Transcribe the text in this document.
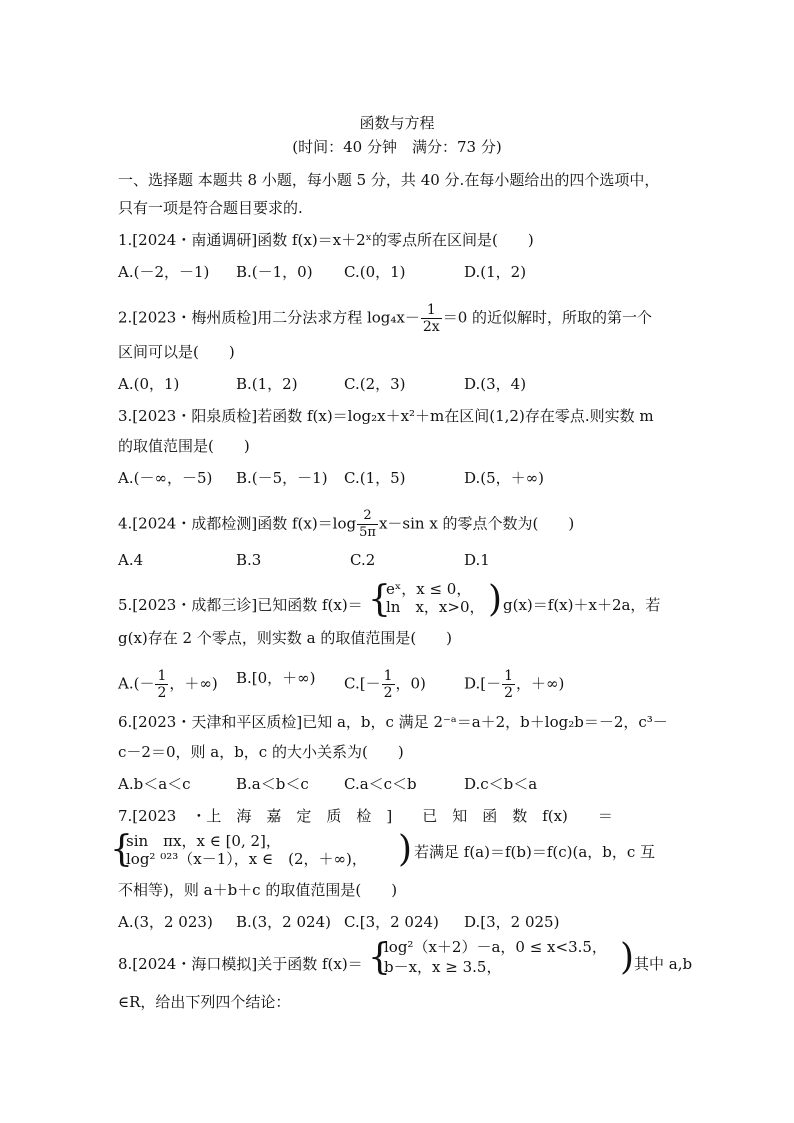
函数与方程
(时间：40 分钟　满分：73 分)
一、选择题 本题共 8 小题，每小题 5 分，共 40 分.在每小题给出的四个选项中，
只有一项是符合题目要求的.
1.[2024・南通调研]函数 f(x)＝x＋2ˣ的零点所在区间是(　　)
A.(－2，－1) B.(－1，0) C.(0，1)	D.(1，2)
2.[2023・梅州质检]用二分法求方程 $\log_4x- \frac{1}{2x} =0$ 的近似解时，所取的第一个
区间可以是(　　)
A.(0，1)	B.(1，2)	C.(2，3)	D.(3，4)
3.[2023・阳泉质检]若函数 f(x)＝log₂x＋x²＋m在区间(1,2)存在零点.则实数 m
的取值范围是(　　)
A.(－∞，－5) B.(－5，－1) C.(1，5)	D.(5，＋∞)
4.[2024・成都检测]函数 $f(x)=\log \frac{2}{5\pi} x-\sin$ x 的零点个数为(　　)
A.4	B.3	C.2	D.1
5.[2023・成都三诊]已知函数 f(x)＝ {
eˣ，x ≤ 0，
ln　x，x>0， ) g(x)＝f(x)＋x＋2a，若
g(x)存在 2 个零点，则实数 a 的取值范围是(　　)
$A.(- \frac{1}{2}$ ，＋∞) B.[0，＋∞) $C.[- \frac{1}{2}$ ，0)	$D.[- \frac{1}{2}$ ，＋∞)
6.[2023・天津和平区质检]已知 a，b，c 满足 2⁻ᵃ＝a＋2，b＋log₂b＝－2，c³－
c－2＝0，则 a，b，c 的大小关系为(　　)
A.b＜a＜c	B.a＜b＜c C.a＜c＜b	D.c＜b＜a
7.[2023　・上　海　嘉　定　质　检　]　　已　知　函　数　f(x)　　＝
{
sin　πx，x ∈ [0, 2]，
log² ⁰²³（x－1），x ∈　(2，＋∞)， ) 若满足 f(a)＝f(b)＝f(c)(a，b，c 互
不相等)，则 a＋b＋c 的取值范围是(　　)
A.(3，2 023) B.(3，2 024) C.[3，2 024) D.[3，2 025)
8.[2024・海口模拟]关于函数 f(x)＝ {
log²（x＋2）－a，0 ≤ x<3.5，
b－x，x ≥ 3.5，	) 其中 a,b
∈R，给出下列四个结论：
